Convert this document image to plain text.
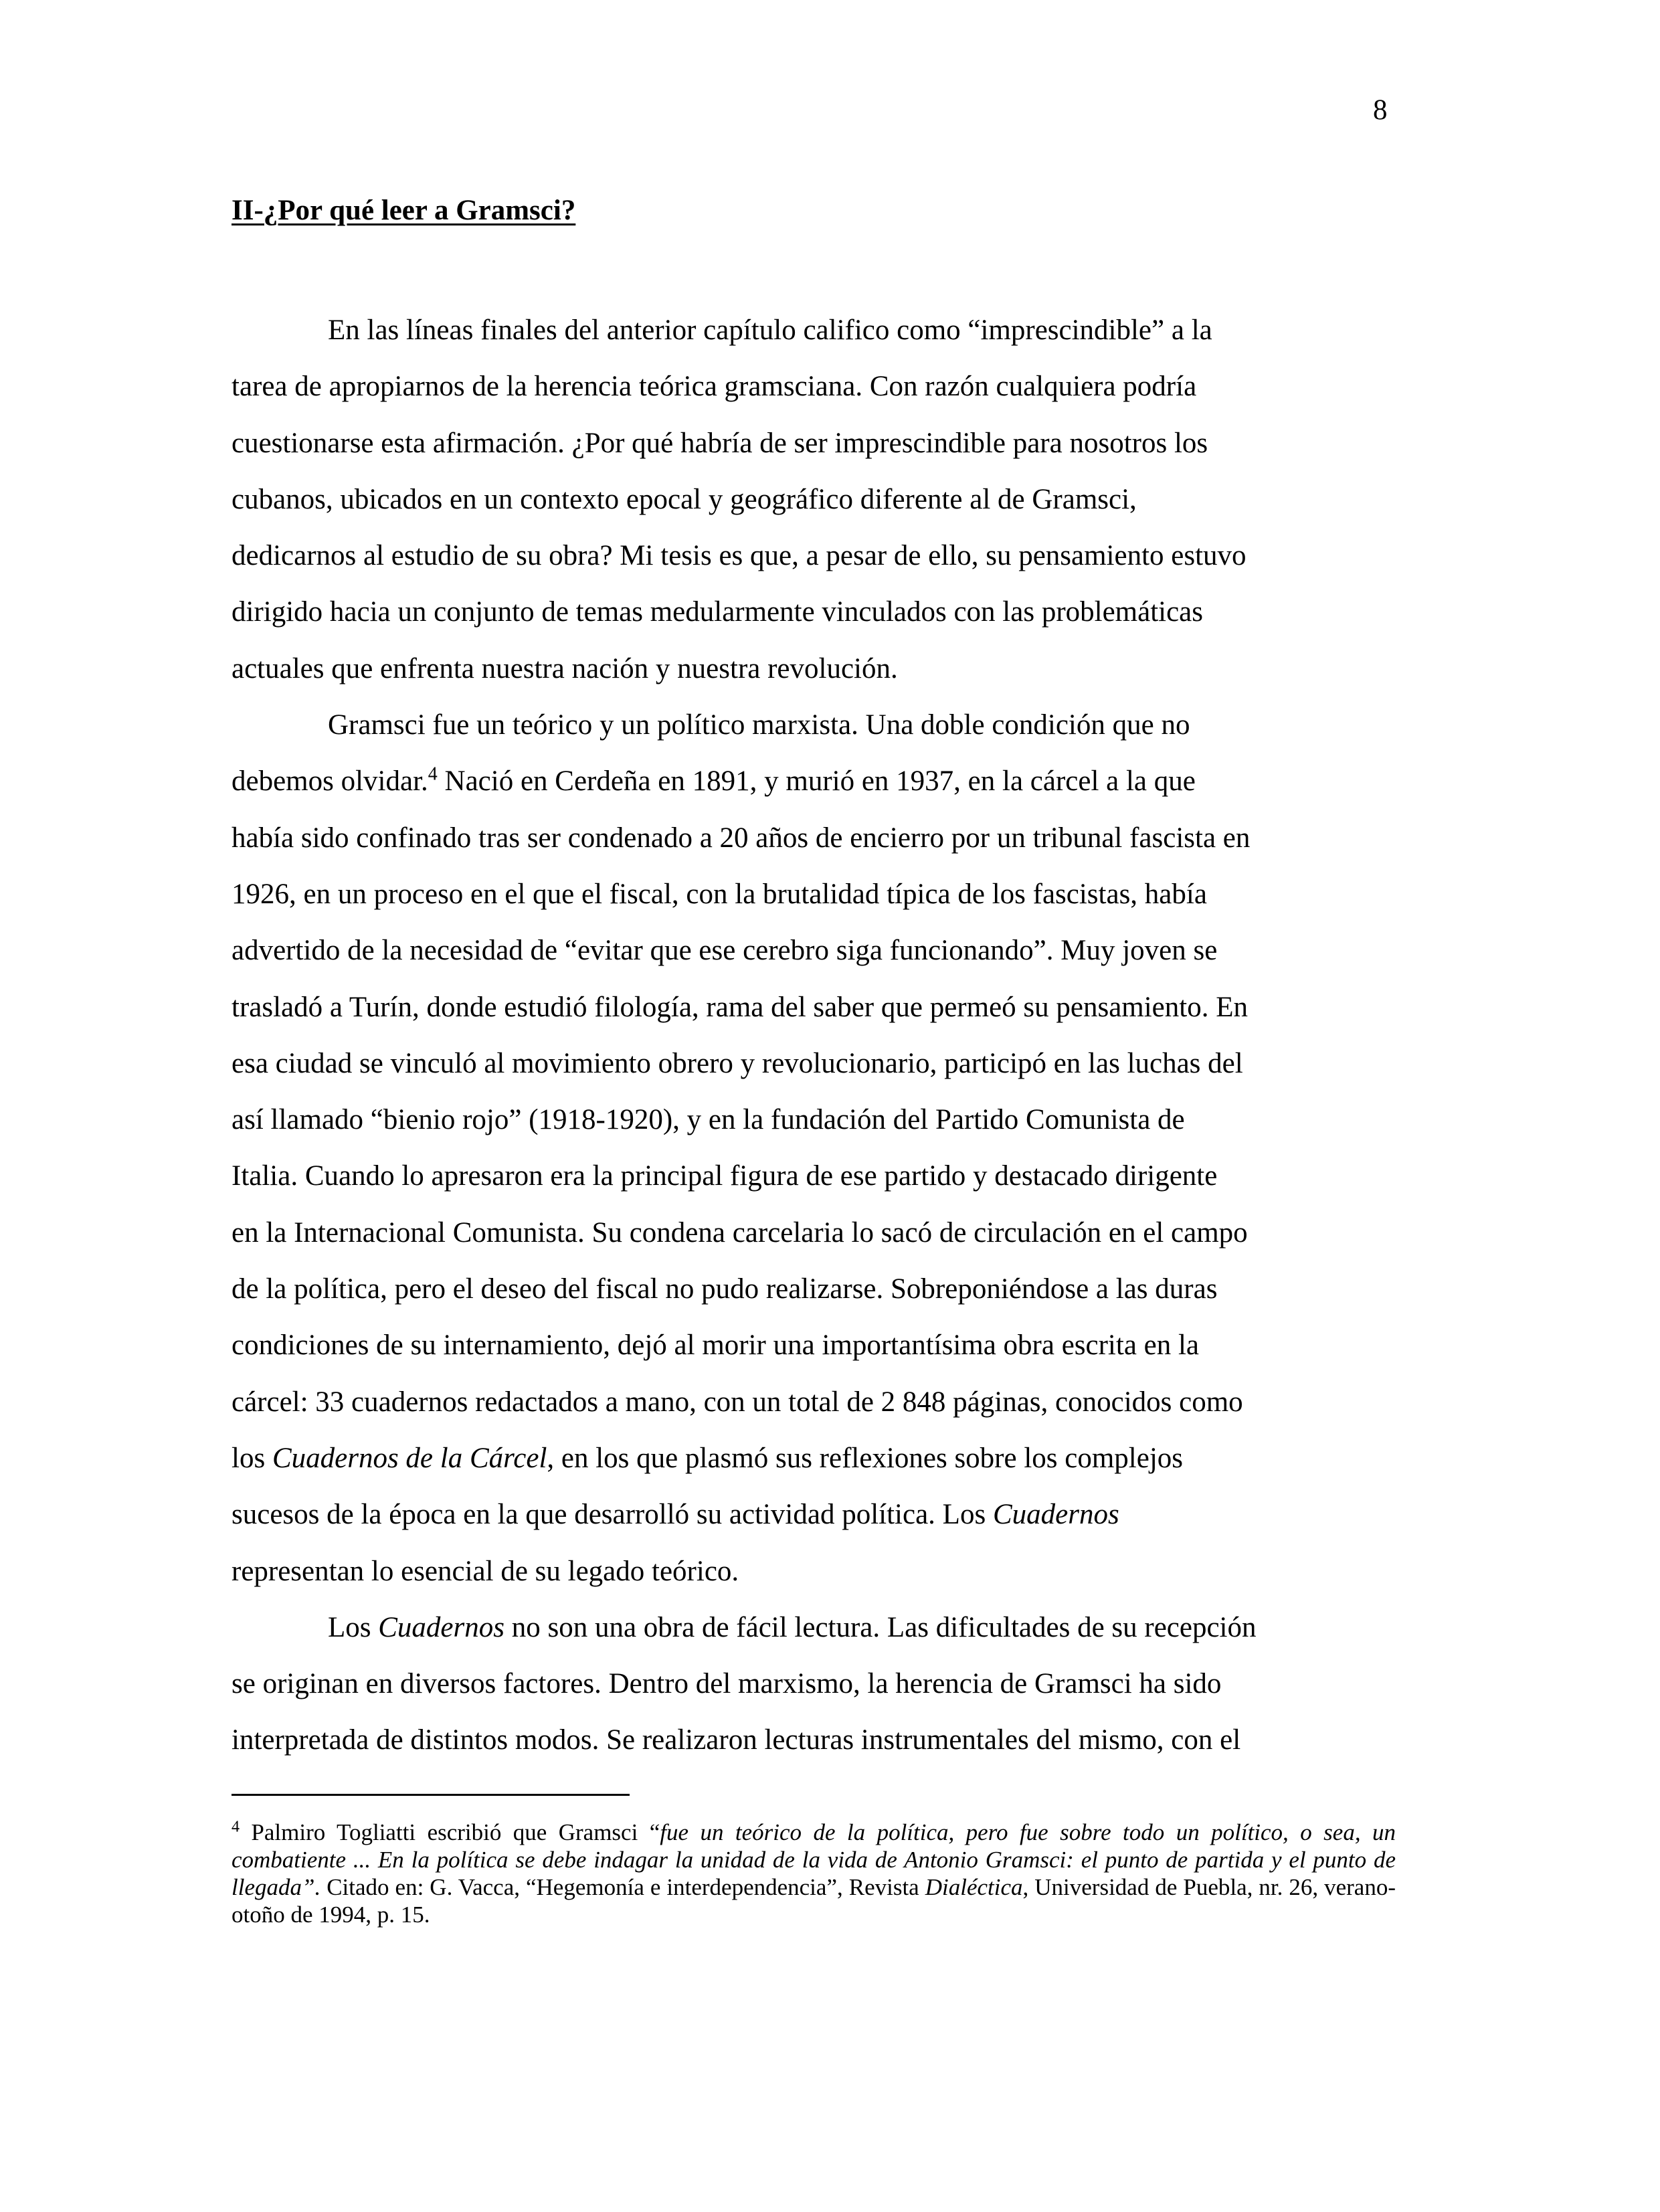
8
II-¿Por qué leer a Gramsci?
En las líneas finales del anterior capítulo califico como “imprescindible” a la
tarea de apropiarnos de la herencia teórica gramsciana. Con razón cualquiera podría
cuestionarse esta afirmación. ¿Por qué habría de ser imprescindible para nosotros los
cubanos, ubicados en un contexto epocal y geográfico diferente al de Gramsci,
dedicarnos al estudio de su obra? Mi tesis es que, a pesar de ello, su pensamiento estuvo
dirigido hacia un conjunto de temas medularmente vinculados con las problemáticas
actuales que enfrenta nuestra nación y nuestra revolución.
Gramsci fue un teórico y un político marxista. Una doble condición que no
debemos olvidar.$^4$ Nació en Cerdeña en 1891, y murió en 1937, en la cárcel a la que
había sido confinado tras ser condenado a 20 años de encierro por un tribunal fascista en
1926, en un proceso en el que el fiscal, con la brutalidad típica de los fascistas, había
advertido de la necesidad de “evitar que ese cerebro siga funcionando”. Muy joven se
trasladó a Turín, donde estudió filología, rama del saber que permeó su pensamiento. En
esa ciudad se vinculó al movimiento obrero y revolucionario, participó en las luchas del
así llamado “bienio rojo” (1918-1920), y en la fundación del Partido Comunista de
Italia. Cuando lo apresaron era la principal figura de ese partido y destacado dirigente
en la Internacional Comunista. Su condena carcelaria lo sacó de circulación en el campo
de la política, pero el deseo del fiscal no pudo realizarse. Sobreponiéndose a las duras
condiciones de su internamiento, dejó al morir una importantísima obra escrita en la
cárcel: 33 cuadernos redactados a mano, con un total de 2 848 páginas, conocidos como
los Cuadernos de la Cárcel, en los que plasmó sus reflexiones sobre los complejos
sucesos de la época en la que desarrolló su actividad política. Los Cuadernos
representan lo esencial de su legado teórico.
Los Cuadernos no son una obra de fácil lectura. Las dificultades de su recepción
se originan en diversos factores. Dentro del marxismo, la herencia de Gramsci ha sido
interpretada de distintos modos. Se realizaron lecturas instrumentales del mismo, con el
$^4$ Palmiro Togliatti escribió que Gramsci “fue un teórico de la política, pero fue sobre todo un político, o sea, un combatiente ... En la política se debe indagar la unidad de la vida de Antonio Gramsci: el punto de partida y el punto de llegada”. Citado en: G. Vacca, “Hegemonía e interdependencia”, Revista Dialéctica, Universidad de Puebla, nr. 26, verano-otoño de 1994, p. 15.
